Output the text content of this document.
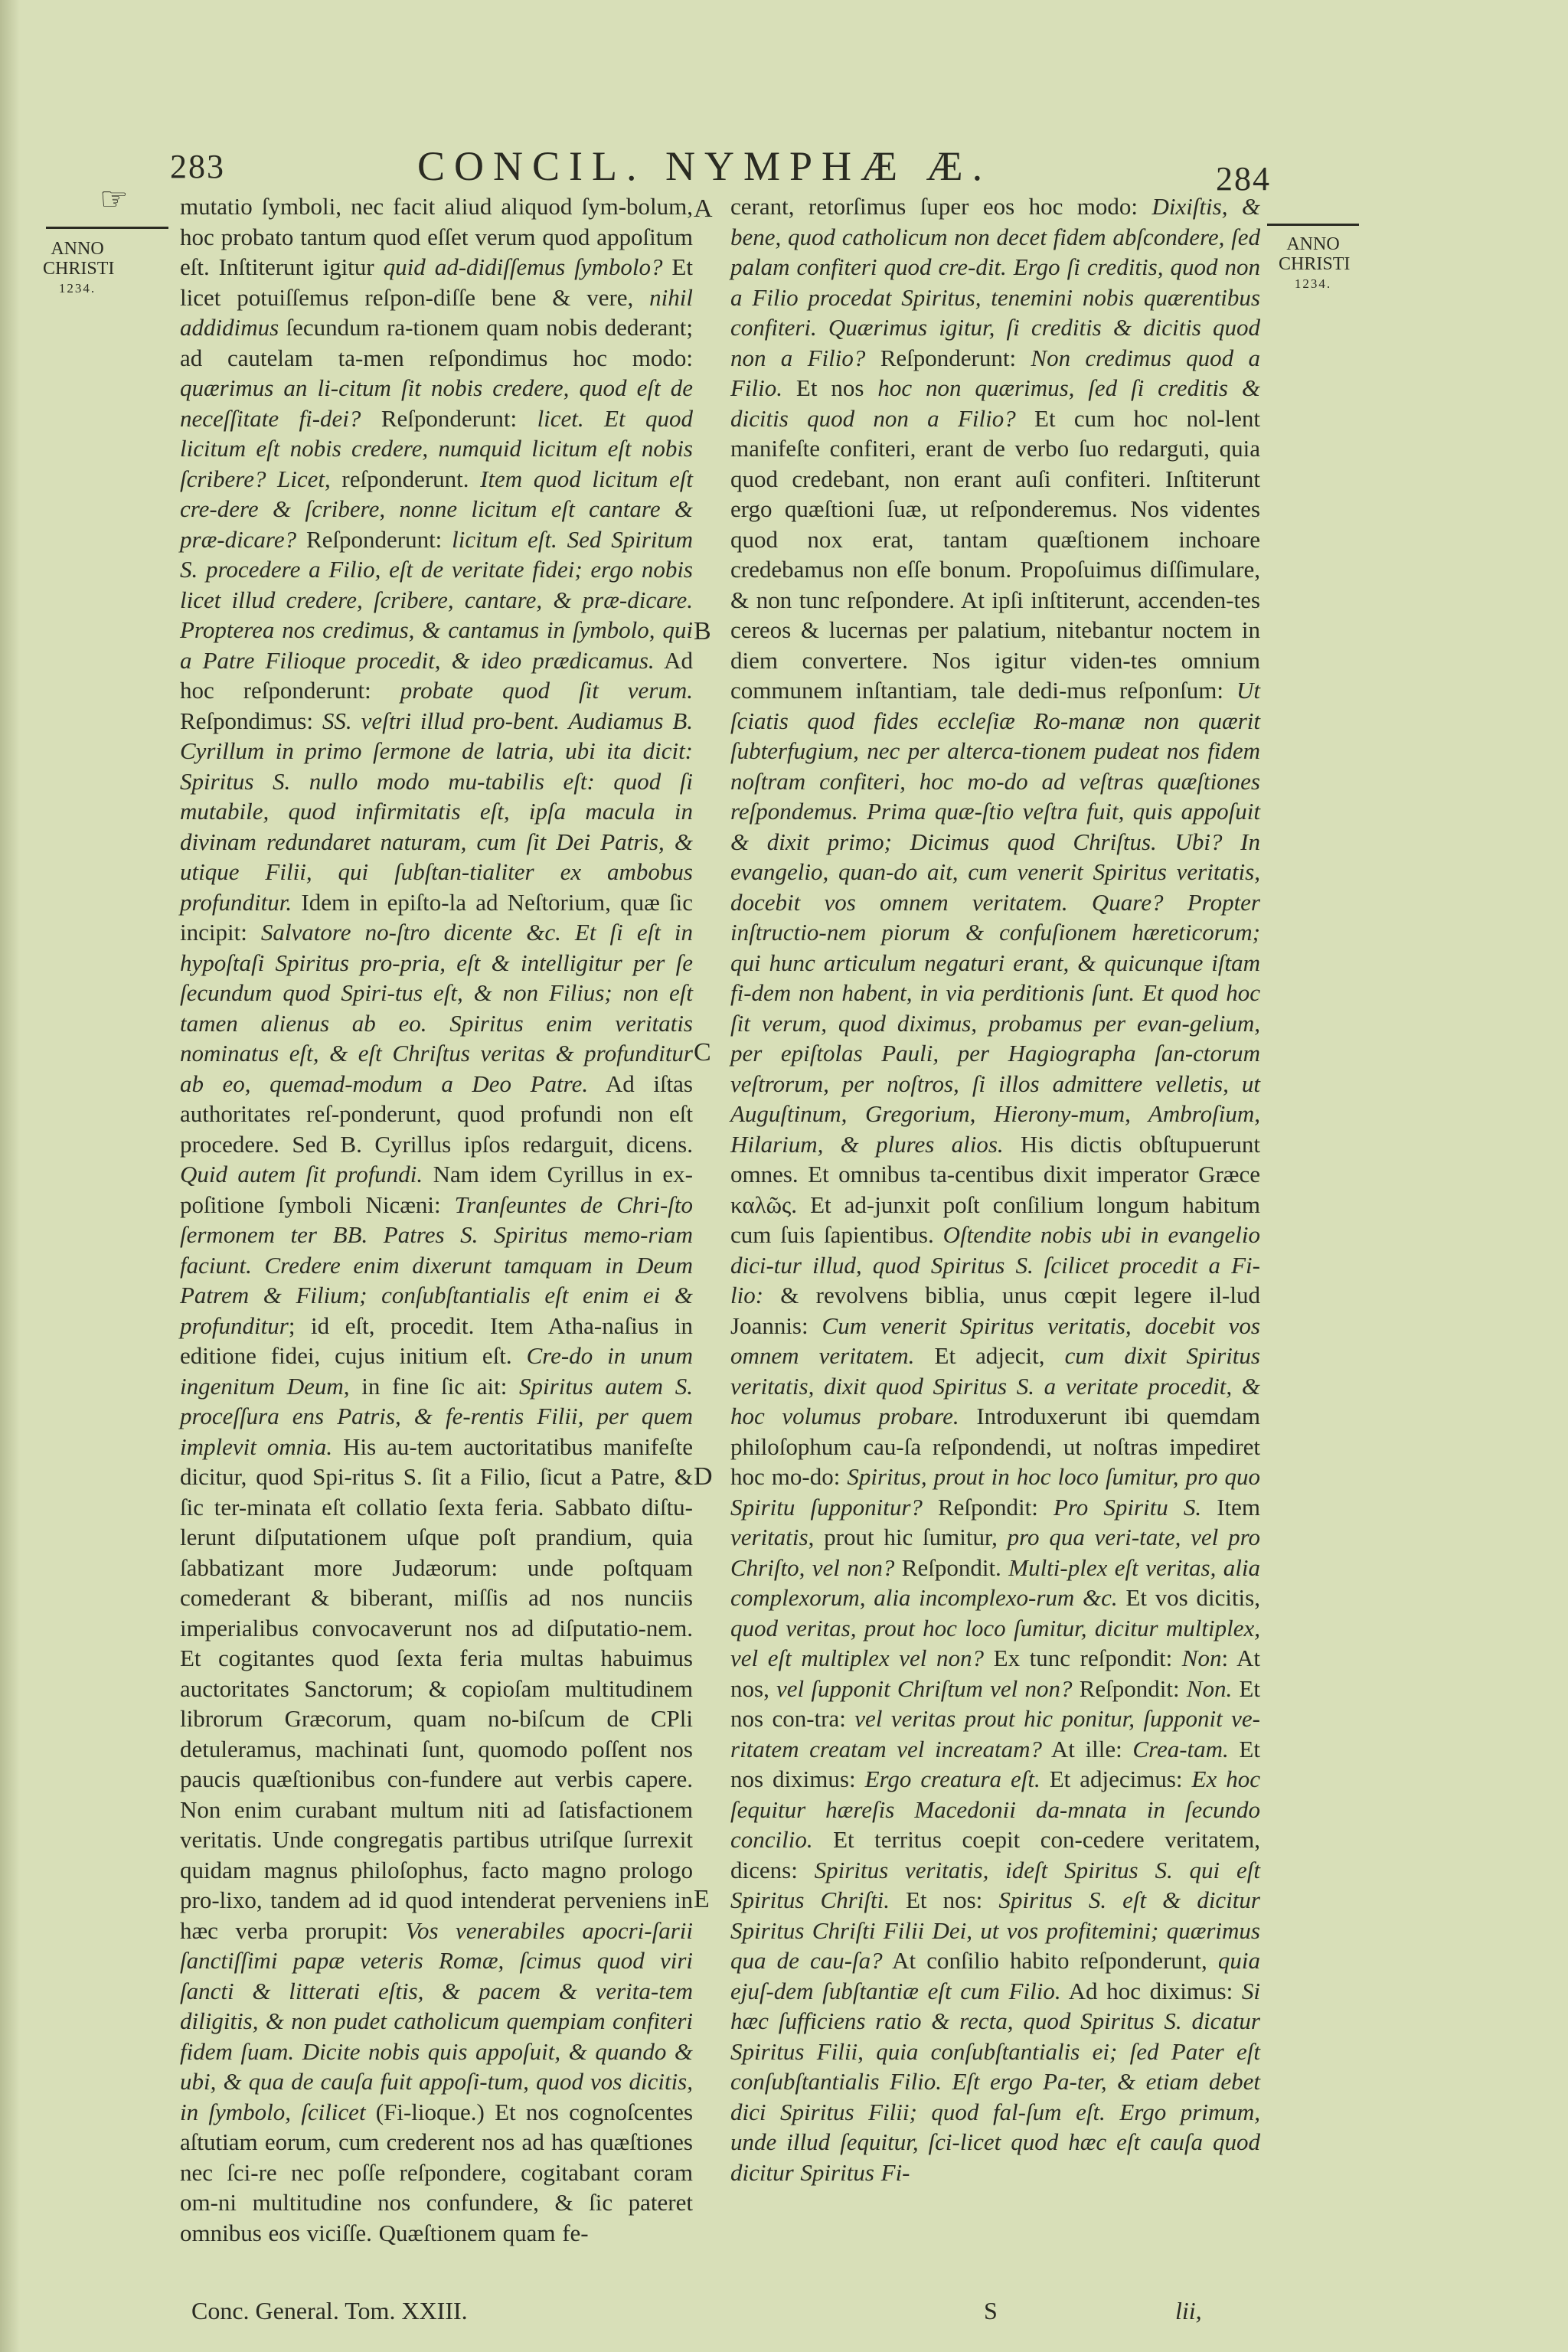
283	CONCIL. NYMPHÆ Æ.	284
☞
ANNO
CHRISTI
1234.
ANNO
CHRISTI
1234.
mutatio ſymboli, nec facit aliud aliquod ſym-bolum, hoc probato tantum quod eſſet verum quod appoſitum eſt. Inſtiterunt igitur quid ad-didiſſemus ſymbolo? Et licet potuiſſemus reſpon-diſſe bene & vere, nihil addidimus ſecundum ra-tionem quam nobis dederant; ad cautelam ta-men reſpondimus hoc modo: quærimus an li-citum ſit nobis credere, quod eſt de neceſſitate fi-dei? Reſponderunt: licet. Et quod licitum eſt nobis credere, numquid licitum eſt nobis ſcribere? Licet, reſponderunt. Item quod licitum eſt cre-dere & ſcribere, nonne licitum eſt cantare & præ-dicare? Reſponderunt: licitum eſt. Sed Spiritum S. procedere a Filio, eſt de veritate fidei; ergo nobis licet illud credere, ſcribere, cantare, & præ-dicare. Propterea nos credimus, & cantamus in ſymbolo, qui a Patre Filioque procedit, & ideo prædicamus. Ad hoc reſponderunt: probate quod ſit verum. Reſpondimus: SS. veſtri illud pro-bent. Audiamus B. Cyrillum in primo ſermone de latria, ubi ita dicit: Spiritus S. nullo modo mu-tabilis eſt: quod ſi mutabile, quod infirmitatis eſt, ipſa macula in divinam redundaret naturam, cum ſit Dei Patris, & utique Filii, qui ſubſtan-tialiter ex ambobus profunditur. Idem in epiſto-la ad Neſtorium, quæ ſic incipit: Salvatore no-ſtro dicente &c. Et ſi eſt in hypoſtaſi Spiritus pro-pria, eſt & intelligitur per ſe ſecundum quod Spiri-tus eſt, & non Filius; non eſt tamen alienus ab eo. Spiritus enim veritatis nominatus eſt, & eſt Chriſtus veritas & profunditur ab eo, quemad-modum a Deo Patre. Ad iſtas authoritates reſ-ponderunt, quod profundi non eſt procedere. Sed B. Cyrillus ipſos redarguit, dicens. Quid autem ſit profundi. Nam idem Cyrillus in ex-poſitione ſymboli Nicæni: Tranſeuntes de Chri-ſto ſermonem ter BB. Patres S. Spiritus memo-riam faciunt. Credere enim dixerunt tamquam in Deum Patrem & Filium; conſubſtantialis eſt enim ei & profunditur; id eſt, procedit. Item Atha-naſius in editione fidei, cujus initium eſt. Cre-do in unum ingenitum Deum, in fine ſic ait: Spiritus autem S. proceſſura ens Patris, & fe-rentis Filii, per quem implevit omnia. His au-tem auctoritatibus manifeſte dicitur, quod Spi-ritus S. ſit a Filio, ſicut a Patre, & ſic ter-minata eſt collatio ſexta feria. Sabbato diſtu-lerunt diſputationem uſque poſt prandium, quia ſabbatizant more Judæorum: unde poſtquam comederant & biberant, miſſis ad nos nunciis imperialibus convocaverunt nos ad diſputatio-nem. Et cogitantes quod ſexta feria multas habuimus auctoritates Sanctorum; & copioſam multitudinem librorum Græcorum, quam no-biſcum de CPli detuleramus, machinati ſunt, quomodo poſſent nos paucis quæſtionibus con-fundere aut verbis capere. Non enim curabant multum niti ad ſatisfactionem veritatis. Unde congregatis partibus utriſque ſurrexit quidam magnus philoſophus, facto magno prologo pro-lixo, tandem ad id quod intenderat perveniens in hæc verba prorupit: Vos venerabiles apocri-ſarii ſanctiſſimi papæ veteris Romæ, ſcimus quod viri ſancti & litterati eſtis, & pacem & verita-tem diligitis, & non pudet catholicum quempiam confiteri fidem ſuam. Dicite nobis quis appoſuit, & quando & ubi, & qua de cauſa fuit appoſi-tum, quod vos dicitis, in ſymbolo, ſcilicet (Fi-lioque.) Et nos cognoſcentes aſtutiam eorum, cum crederent nos ad has quæſtiones nec ſci-re nec poſſe reſpondere, cogitabant coram om-ni multitudine nos confundere, & ſic pateret omnibus eos viciſſe. Quæſtionem quam fe-
cerant, retorſimus ſuper eos hoc modo: Dixiſtis, & bene, quod catholicum non decet fidem abſcondere, ſed palam confiteri quod cre-dit. Ergo ſi creditis, quod non a Filio procedat Spiritus, tenemini nobis quærentibus confiteri. Quærimus igitur, ſi creditis & dicitis quod non a Filio? Reſponderunt: Non credimus quod a Filio. Et nos hoc non quærimus, ſed ſi creditis & dicitis quod non a Filio? Et cum hoc nol-lent manifeſte confiteri, erant de verbo ſuo redarguti, quia quod credebant, non erant auſi confiteri. Inſtiterunt ergo quæſtioni ſuæ, ut reſponderemus. Nos videntes quod nox erat, tantam quæſtionem inchoare credebamus non eſſe bonum. Propoſuimus diſſimulare, & non tunc reſpondere. At ipſi inſtiterunt, accenden-tes cereos & lucernas per palatium, nitebantur noctem in diem convertere. Nos igitur viden-tes omnium communem inſtantiam, tale dedi-mus reſponſum: Ut ſciatis quod fides eccleſiæ Ro-manæ non quærit ſubterfugium, nec per alterca-tionem pudeat nos fidem noſtram confiteri, hoc mo-do ad veſtras quæſtiones reſpondemus. Prima quæ-ſtio veſtra fuit, quis appoſuit & dixit primo; Dicimus quod Chriſtus. Ubi? In evangelio, quan-do ait, cum venerit Spiritus veritatis, docebit vos omnem veritatem. Quare? Propter inſtructio-nem piorum & confuſionem hæreticorum; qui hunc articulum negaturi erant, & quicunque iſtam fi-dem non habent, in via perditionis ſunt. Et quod hoc ſit verum, quod diximus, probamus per evan-gelium, per epiſtolas Pauli, per Hagiographa ſan-ctorum veſtrorum, per noſtros, ſi illos admittere velletis, ut Auguſtinum, Gregorium, Hierony-mum, Ambroſium, Hilarium, & plures alios. His dictis obſtupuerunt omnes. Et omnibus ta-centibus dixit imperator Græce καλῶς. Et ad-junxit poſt conſilium longum habitum cum ſuis ſapientibus. Oſtendite nobis ubi in evangelio dici-tur illud, quod Spiritus S. ſcilicet procedit a Fi-lio: & revolvens biblia, unus cœpit legere il-lud Joannis: Cum venerit Spiritus veritatis, docebit vos omnem veritatem. Et adjecit, cum dixit Spiritus veritatis, dixit quod Spiritus S. a veritate procedit, & hoc volumus probare. Introduxerunt ibi quemdam philoſophum cau-ſa reſpondendi, ut noſtras impediret hoc mo-do: Spiritus, prout in hoc loco ſumitur, pro quo Spiritu ſupponitur? Reſpondit: Pro Spiritu S. Item veritatis, prout hic ſumitur, pro qua veri-tate, vel pro Chriſto, vel non? Reſpondit. Multi-plex eſt veritas, alia complexorum, alia incomplexo-rum &c. Et vos dicitis, quod veritas, prout hoc loco ſumitur, dicitur multiplex, vel eſt multiplex vel non? Ex tunc reſpondit: Non: At nos, vel ſupponit Chriſtum vel non? Reſpondit: Non. Et nos con-tra: vel veritas prout hic ponitur, ſupponit ve-ritatem creatam vel increatam? At ille: Crea-tam. Et nos diximus: Ergo creatura eſt. Et adjecimus: Ex hoc ſequitur hæreſis Macedonii da-mnata in ſecundo concilio. Et territus coepit con-cedere veritatem, dicens: Spiritus veritatis, ideſt Spiritus S. qui eſt Spiritus Chriſti. Et nos: Spiritus S. eſt & dicitur Spiritus Chriſti Filii Dei, ut vos profitemini; quærimus qua de cau-ſa? At conſilio habito reſponderunt, quia ejuſ-dem ſubſtantiæ eſt cum Filio. Ad hoc diximus: Si hæc ſufficiens ratio & recta, quod Spiritus S. dicatur Spiritus Filii, quia conſubſtantialis ei; ſed Pater eſt conſubſtantialis Filio. Eſt ergo Pa-ter, & etiam debet dici Spiritus Filii; quod fal-ſum eſt. Ergo primum, unde illud ſequitur, ſci-licet quod hæc eſt cauſa quod dicitur Spiritus Fi-
A
B
C
D
E
Conc. General. Tom. XXIII.	S	lii,
